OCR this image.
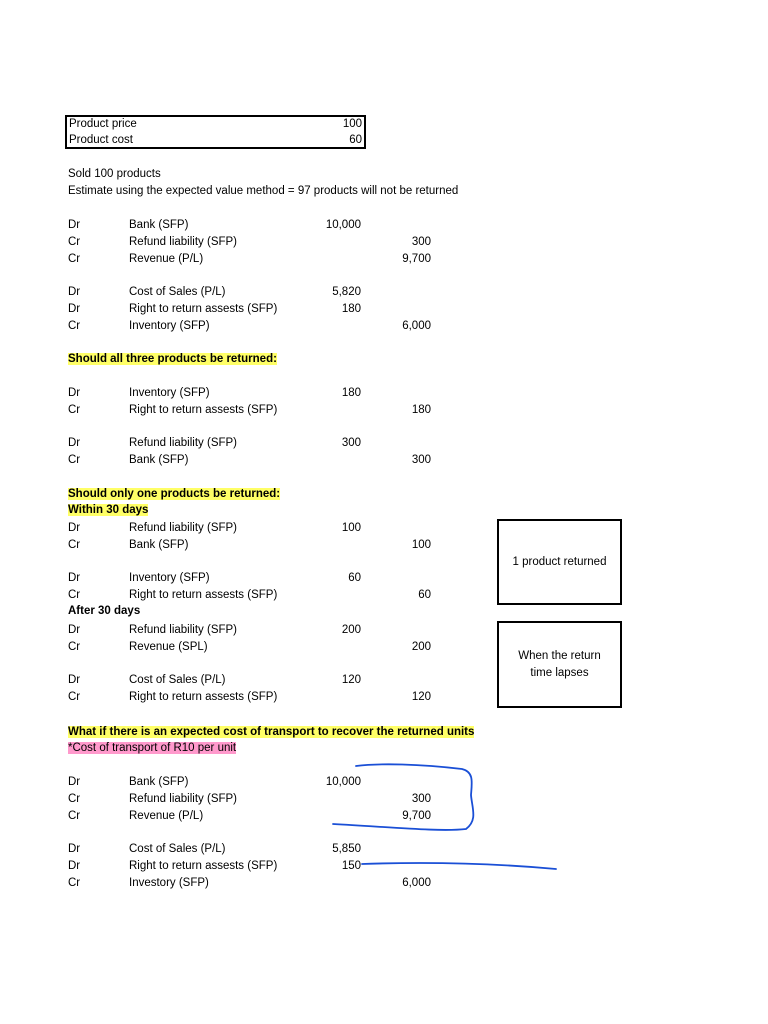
Product price	100
Product cost	60
Sold 100 products
Estimate using the expected value method = 97 products will not be returned
Should all three products be returned:
Should only one products be returned:
Within 30 days
After 30 days
What if there is an expected cost of transport to recover the returned units
*Cost of transport of R10 per unit
Dr	Bank (SFP)	10,000
Cr	Refund liability (SFP)	300
Cr	Revenue (P/L)	9,700
Dr	Cost of Sales (P/L)	5,820
Dr	Right to return assests (SFP)	180
Cr	Inventory (SFP)	6,000
Dr	Inventory (SFP)	180
Cr	Right to return assests (SFP)	180
Dr	Refund liability (SFP)	300
Cr	Bank (SFP)	300
Dr	Refund liability (SFP)	100
Cr	Bank (SFP)	100
Dr	Inventory (SFP)	60
Cr	Right to return assests (SFP)	60
Dr	Refund liability (SFP)	200
Cr	Revenue (SPL)	200
Dr	Cost of Sales (P/L)	120
Cr	Right to return assests (SFP)	120
Dr	Bank (SFP)	10,000
Cr	Refund liability (SFP)	300
Cr	Revenue (P/L)	9,700
Dr	Cost of Sales (P/L)	5,850
Dr	Right to return assests (SFP)	150
Cr	Investory (SFP)	6,000
1 product returned
When the return time lapses
